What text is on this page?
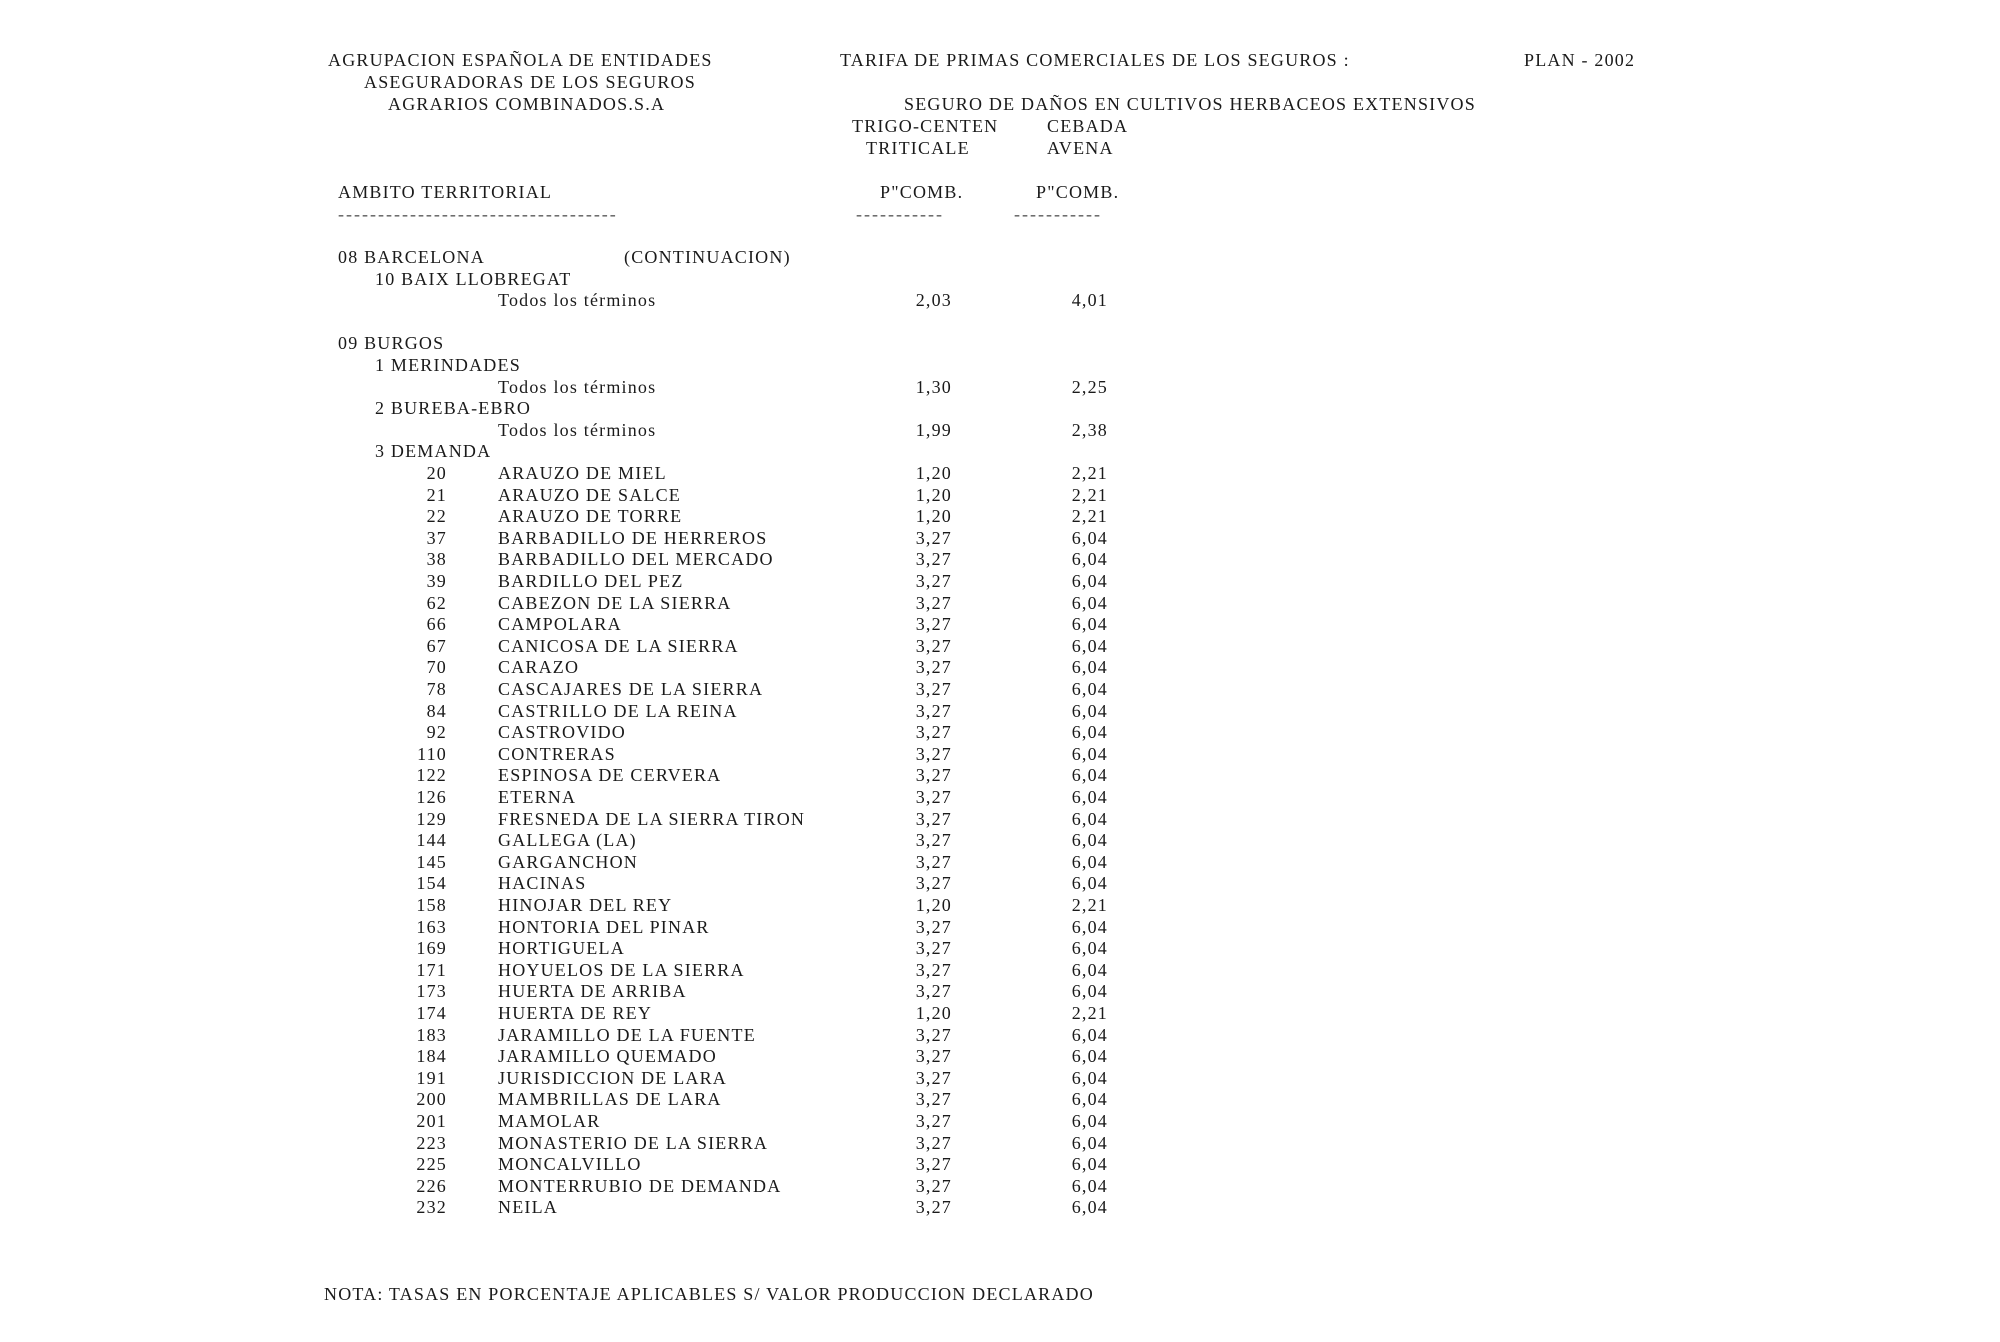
AGRUPACION ESPAÑOLA DE ENTIDADES
ASEGURADORAS DE LOS SEGUROS
AGRARIOS COMBINADOS.S.A
TARIFA DE PRIMAS COMERCIALES DE LOS SEGUROS :	PLAN - 2002
SEGURO DE DAÑOS EN CULTIVOS HERBACEOS EXTENSIVOS
TRIGO-CENTEN
TRITICALE
CEBADA
AVENA
AMBITO TERRITORIAL	P"COMB.	P"COMB.
-----------------------------------	-----------	-----------
08 BARCELONA	(CONTINUACION)
10 BAIX LLOBREGAT
Todos los términos	2,03	4,01
09 BURGOS
1 MERINDADES
Todos los términos	1,30	2,25
2 BUREBA-EBRO
Todos los términos	1,99	2,38
3 DEMANDA
20	ARAUZO DE MIEL	1,20	2,21
21	ARAUZO DE SALCE	1,20	2,21
22	ARAUZO DE TORRE	1,20	2,21
37	BARBADILLO DE HERREROS	3,27	6,04
38	BARBADILLO DEL MERCADO	3,27	6,04
39	BARDILLO DEL PEZ	3,27	6,04
62	CABEZON DE LA SIERRA	3,27	6,04
66	CAMPOLARA	3,27	6,04
67	CANICOSA DE LA SIERRA	3,27	6,04
70	CARAZO	3,27	6,04
78	CASCAJARES DE LA SIERRA	3,27	6,04
84	CASTRILLO DE LA REINA	3,27	6,04
92	CASTROVIDO	3,27	6,04
110	CONTRERAS	3,27	6,04
122	ESPINOSA DE CERVERA	3,27	6,04
126	ETERNA	3,27	6,04
129	FRESNEDA DE LA SIERRA TIRON	3,27	6,04
144	GALLEGA (LA)	3,27	6,04
145	GARGANCHON	3,27	6,04
154	HACINAS	3,27	6,04
158	HINOJAR DEL REY	1,20	2,21
163	HONTORIA DEL PINAR	3,27	6,04
169	HORTIGUELA	3,27	6,04
171	HOYUELOS DE LA SIERRA	3,27	6,04
173	HUERTA DE ARRIBA	3,27	6,04
174	HUERTA DE REY	1,20	2,21
183	JARAMILLO DE LA FUENTE	3,27	6,04
184	JARAMILLO QUEMADO	3,27	6,04
191	JURISDICCION DE LARA	3,27	6,04
200	MAMBRILLAS DE LARA	3,27	6,04
201	MAMOLAR	3,27	6,04
223	MONASTERIO DE LA SIERRA	3,27	6,04
225	MONCALVILLO	3,27	6,04
226	MONTERRUBIO DE DEMANDA	3,27	6,04
232	NEILA	3,27	6,04
NOTA: TASAS EN PORCENTAJE APLICABLES S/ VALOR PRODUCCION DECLARADO
